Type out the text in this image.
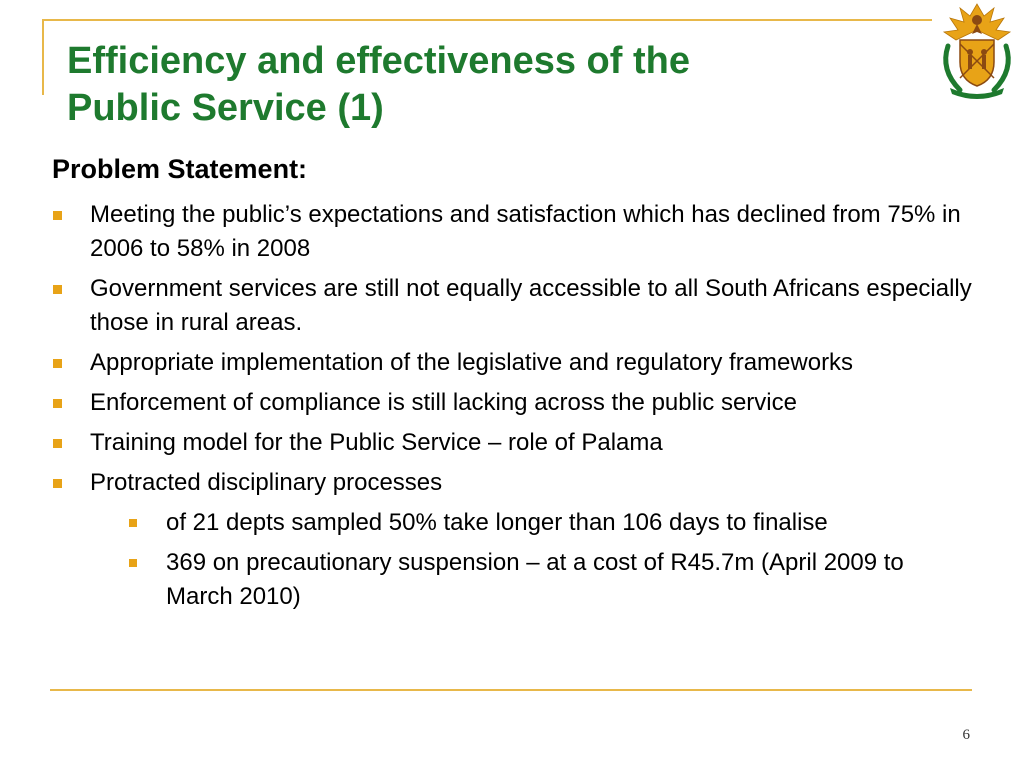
Efficiency and effectiveness of the
Public Service (1)
Problem Statement:
Meeting the public’s expectations and satisfaction which has declined from 75% in 2006 to 58% in 2008
Government services are still not equally accessible to all South Africans especially those in rural areas.
Appropriate implementation of the legislative and regulatory frameworks
Enforcement of compliance is still lacking across the public service
Training model for the Public Service – role of Palama
Protracted disciplinary processes
of 21 depts sampled 50% take longer than 106 days to finalise
369 on precautionary suspension – at a cost of R45.7m (April 2009 to March 2010)
6
